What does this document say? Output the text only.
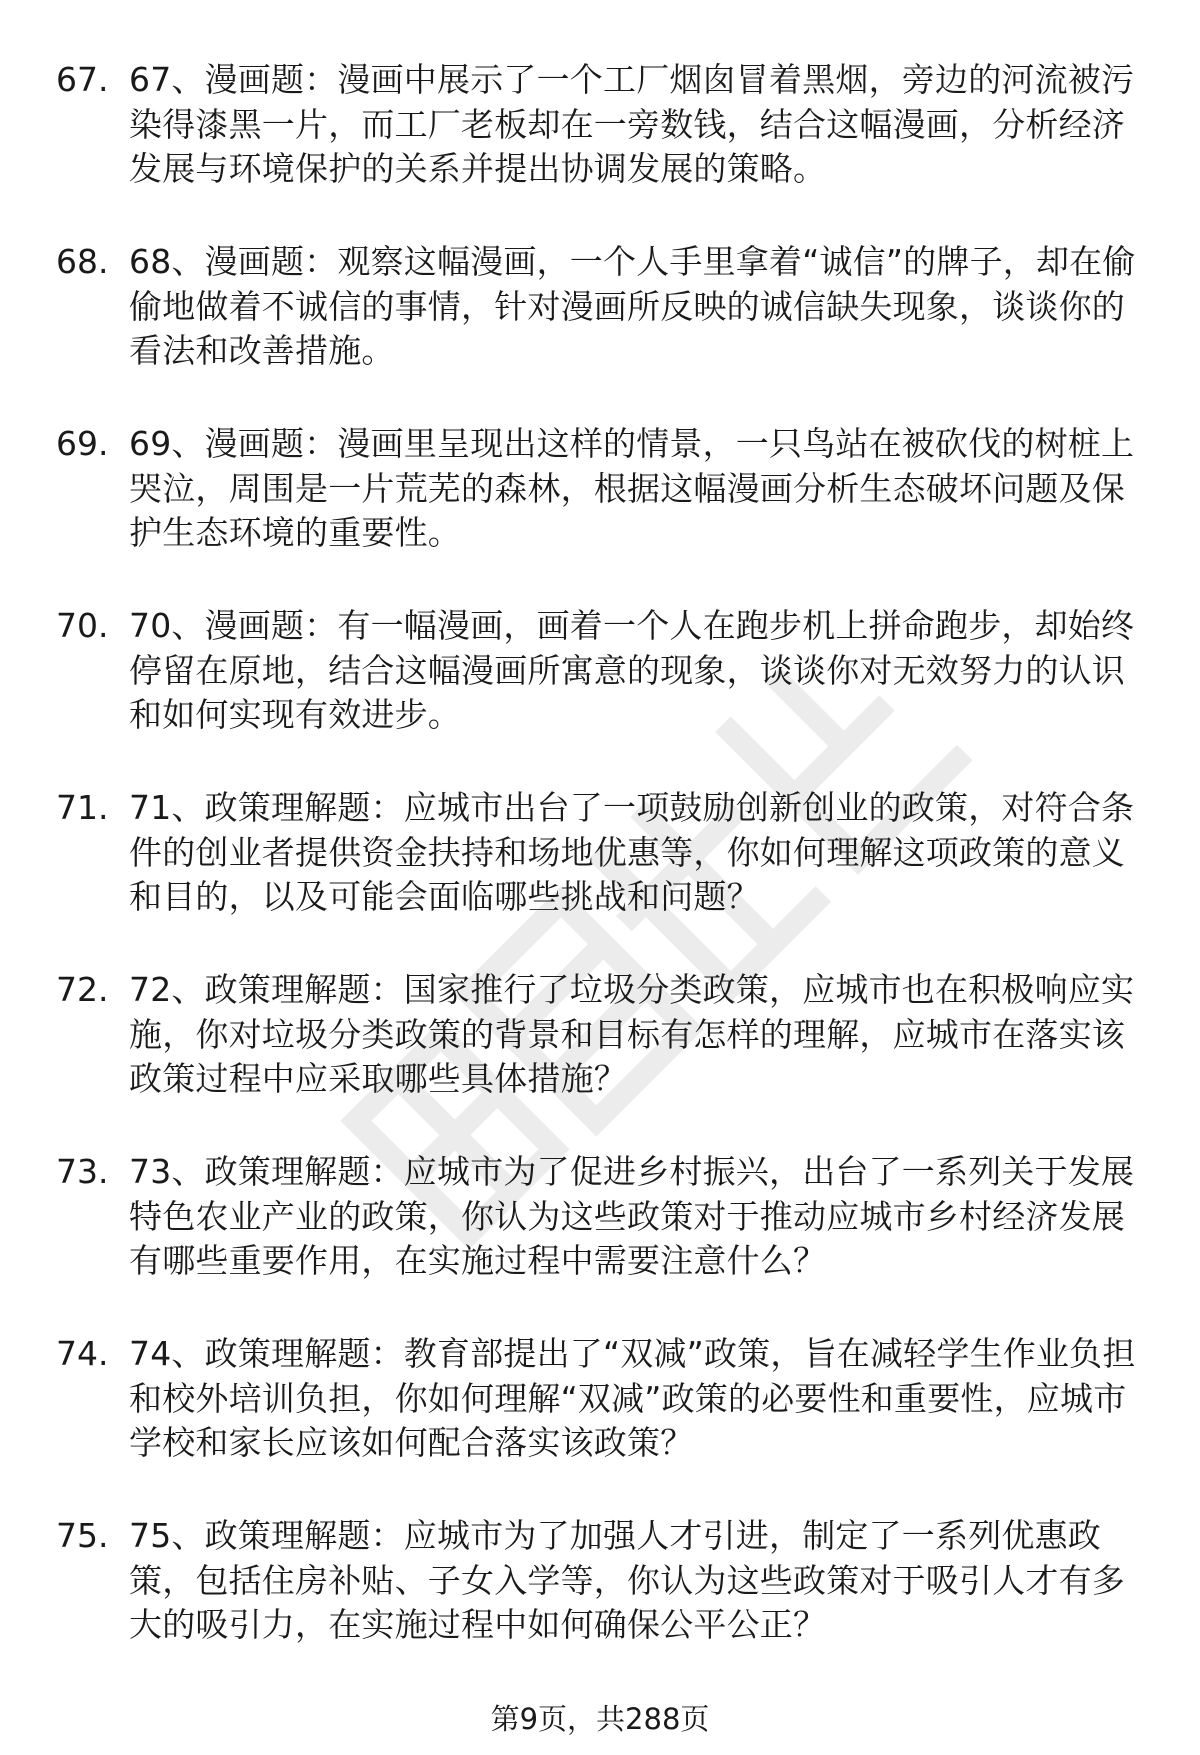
67. 67、漫画题：漫画中展示了一个工厂烟囱冒着黑烟，旁边的河流被污染得漆黑一片，而工厂老板却在一旁数钱，结合这幅漫画，分析经济发展与环境保护的关系并提出协调发展的策略。
68. 68、漫画题：观察这幅漫画，一个人手里拿着“诚信”的牌子，却在偷偷地做着不诚信的事情，针对漫画所反映的诚信缺失现象，谈谈你的看法和改善措施。
69. 69、漫画题：漫画里呈现出这样的情景，一只鸟站在被砍伐的树桩上哭泣，周围是一片荒芜的森林，根据这幅漫画分析生态破坏问题及保护生态环境的重要性。
70. 70、漫画题：有一幅漫画，画着一个人在跑步机上拼命跑步，却始终停留在原地，结合这幅漫画所寓意的现象，谈谈你对无效努力的认识和如何实现有效进步。
71. 71、政策理解题：应城市出台了一项鼓励创新创业的政策，对符合条件的创业者提供资金扶持和场地优惠等，你如何理解这项政策的意义和目的，以及可能会面临哪些挑战和问题？
72. 72、政策理解题：国家推行了垃圾分类政策，应城市也在积极响应实施，你对垃圾分类政策的背景和目标有怎样的理解，应城市在落实该政策过程中应采取哪些具体措施？
73. 73、政策理解题：应城市为了促进乡村振兴，出台了一系列关于发展特色农业产业的政策，你认为这些政策对于推动应城市乡村经济发展有哪些重要作用，在实施过程中需要注意什么？
74. 74、政策理解题：教育部提出了“双减”政策，旨在减轻学生作业负担和校外培训负担，你如何理解“双减”政策的必要性和重要性，应城市学校和家长应该如何配合落实该政策？
75. 75、政策理解题：应城市为了加强人才引进，制定了一系列优惠政策，包括住房补贴、子女入学等，你认为这些政策对于吸引人才有多大的吸引力，在实施过程中如何确保公平公正？
第9页，共288页
